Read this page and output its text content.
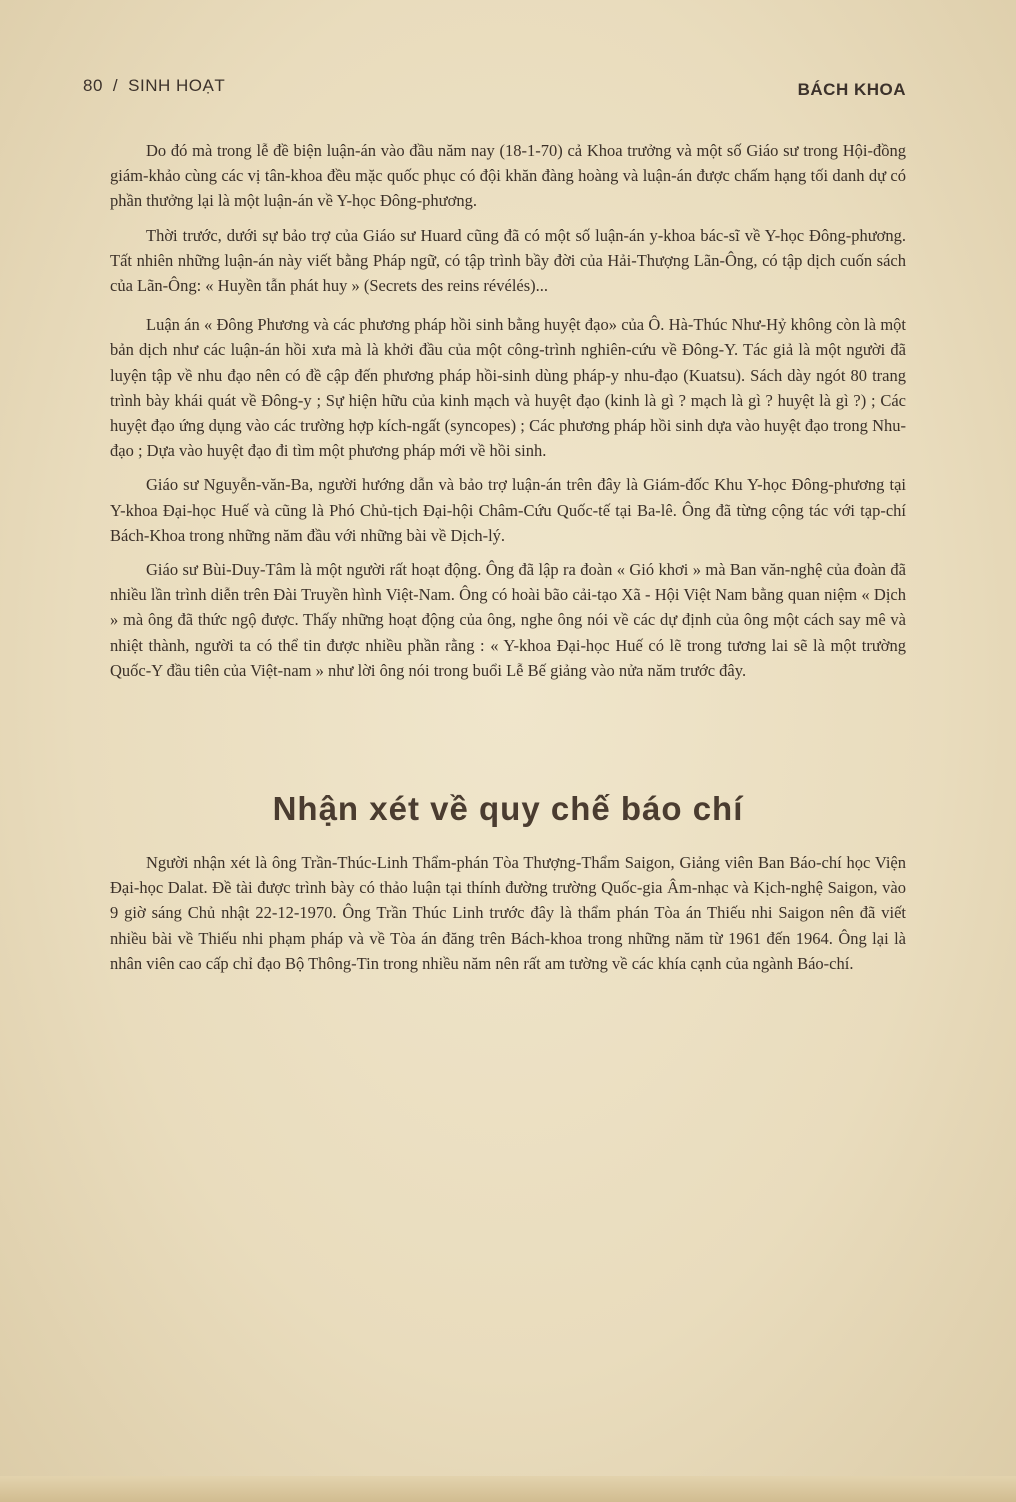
80 / SINH HOẠT	BÁCH KHOA

Do đó mà trong lễ đề biện luận-án vào đầu năm nay (18-1-70) cả Khoa trưởng và một số Giáo sư trong Hội-đồng giám-khảo cùng các vị tân-khoa đều mặc quốc phục có đội khăn đàng hoàng và luận-án được chấm hạng tối danh dự có phần thưởng lại là một luận-án về Y-học Đông-phương.

Thời trước, dưới sự bảo trợ của Giáo sư Huard cũng đã có một số luận-án y-khoa bác-sĩ về Y-học Đông-phương. Tất nhiên những luận-án này viết bằng Pháp ngữ, có tập trình bầy đời của Hải-Thượng Lãn-Ông, có tập dịch cuốn sách của Lãn-Ông: « Huyền tẫn phát huy » (Secrets des reins révélés)...

Luận án « Đông Phương và các phương pháp hồi sinh bằng huyệt đạo» của Ô. Hà-Thúc Như-Hỷ không còn là một bản dịch như các luận-án hồi xưa mà là khởi đầu của một công-trình nghiên-cứu về Đông-Y. Tác giả là một người đã luyện tập về nhu đạo nên có đề cập đến phương pháp hồi-sinh dùng pháp-y nhu-đạo (Kuatsu). Sách dày ngót 80 trang trình bày khái quát về Đông-y ; Sự hiện hữu của kinh mạch và huyệt đạo (kinh là gì ? mạch là gì ? huyệt là gì ?) ; Các huyệt đạo ứng dụng vào các trường hợp kích-ngất (syncopes) ; Các phương pháp hồi sinh dựa vào huyệt đạo trong Nhu-đạo ; Dựa vào huyệt đạo đi tìm một phương pháp mới về hồi sinh.

Giáo sư Nguyễn-văn-Ba, người hướng dẫn và bảo trợ luận-án trên đây là Giám-đốc Khu Y-học Đông-phương tại Y-khoa Đại-học Huế và cũng là Phó Chủ-tịch Đại-hội Châm-Cứu Quốc-tế tại Ba-lê. Ông đã từng cộng tác với tạp-chí Bách-Khoa trong những năm đầu với những bài về Dịch-lý.

Giáo sư Bùi-Duy-Tâm là một người rất hoạt động. Ông đã lập ra đoàn « Gió khơi » mà Ban văn-nghệ của đoàn đã nhiều lần trình diễn trên Đài Truyền hình Việt-Nam. Ông có hoài bão cải-tạo Xã - Hội Việt Nam bằng quan niệm « Dịch » mà ông đã thức ngộ được. Thấy những hoạt động của ông, nghe ông nói về các dự định của ông một cách say mê và nhiệt thành, người ta có thể tin được nhiều phần rằng : « Y-khoa Đại-học Huế có lẽ trong tương lai sẽ là một trường Quốc-Y đầu tiên của Việt-nam » như lời ông nói trong buổi Lễ Bế giảng vào nửa năm trước đây.

Nhận xét về quy chế báo chí

Người nhận xét là ông Trần-Thúc-Linh Thẩm-phán Tòa Thượng-Thẩm Saigon, Giảng viên Ban Báo-chí học Viện Đại-học Dalat. Đề tài được trình bày có thảo luận tại thính đường trường Quốc-gia Âm-nhạc và Kịch-nghệ Saigon, vào 9 giờ sáng Chủ nhật 22-12-1970. Ông Trần Thúc Linh trước đây là thẩm phán Tòa án Thiếu nhi Saigon nên đã viết nhiều bài về Thiếu nhi phạm pháp và về Tòa án đăng trên Bách-khoa trong những năm từ 1961 đến 1964. Ông lại là nhân viên cao cấp chỉ đạo Bộ Thông-Tin trong nhiều năm nên rất am tường về các khía cạnh của ngành Báo-chí.
